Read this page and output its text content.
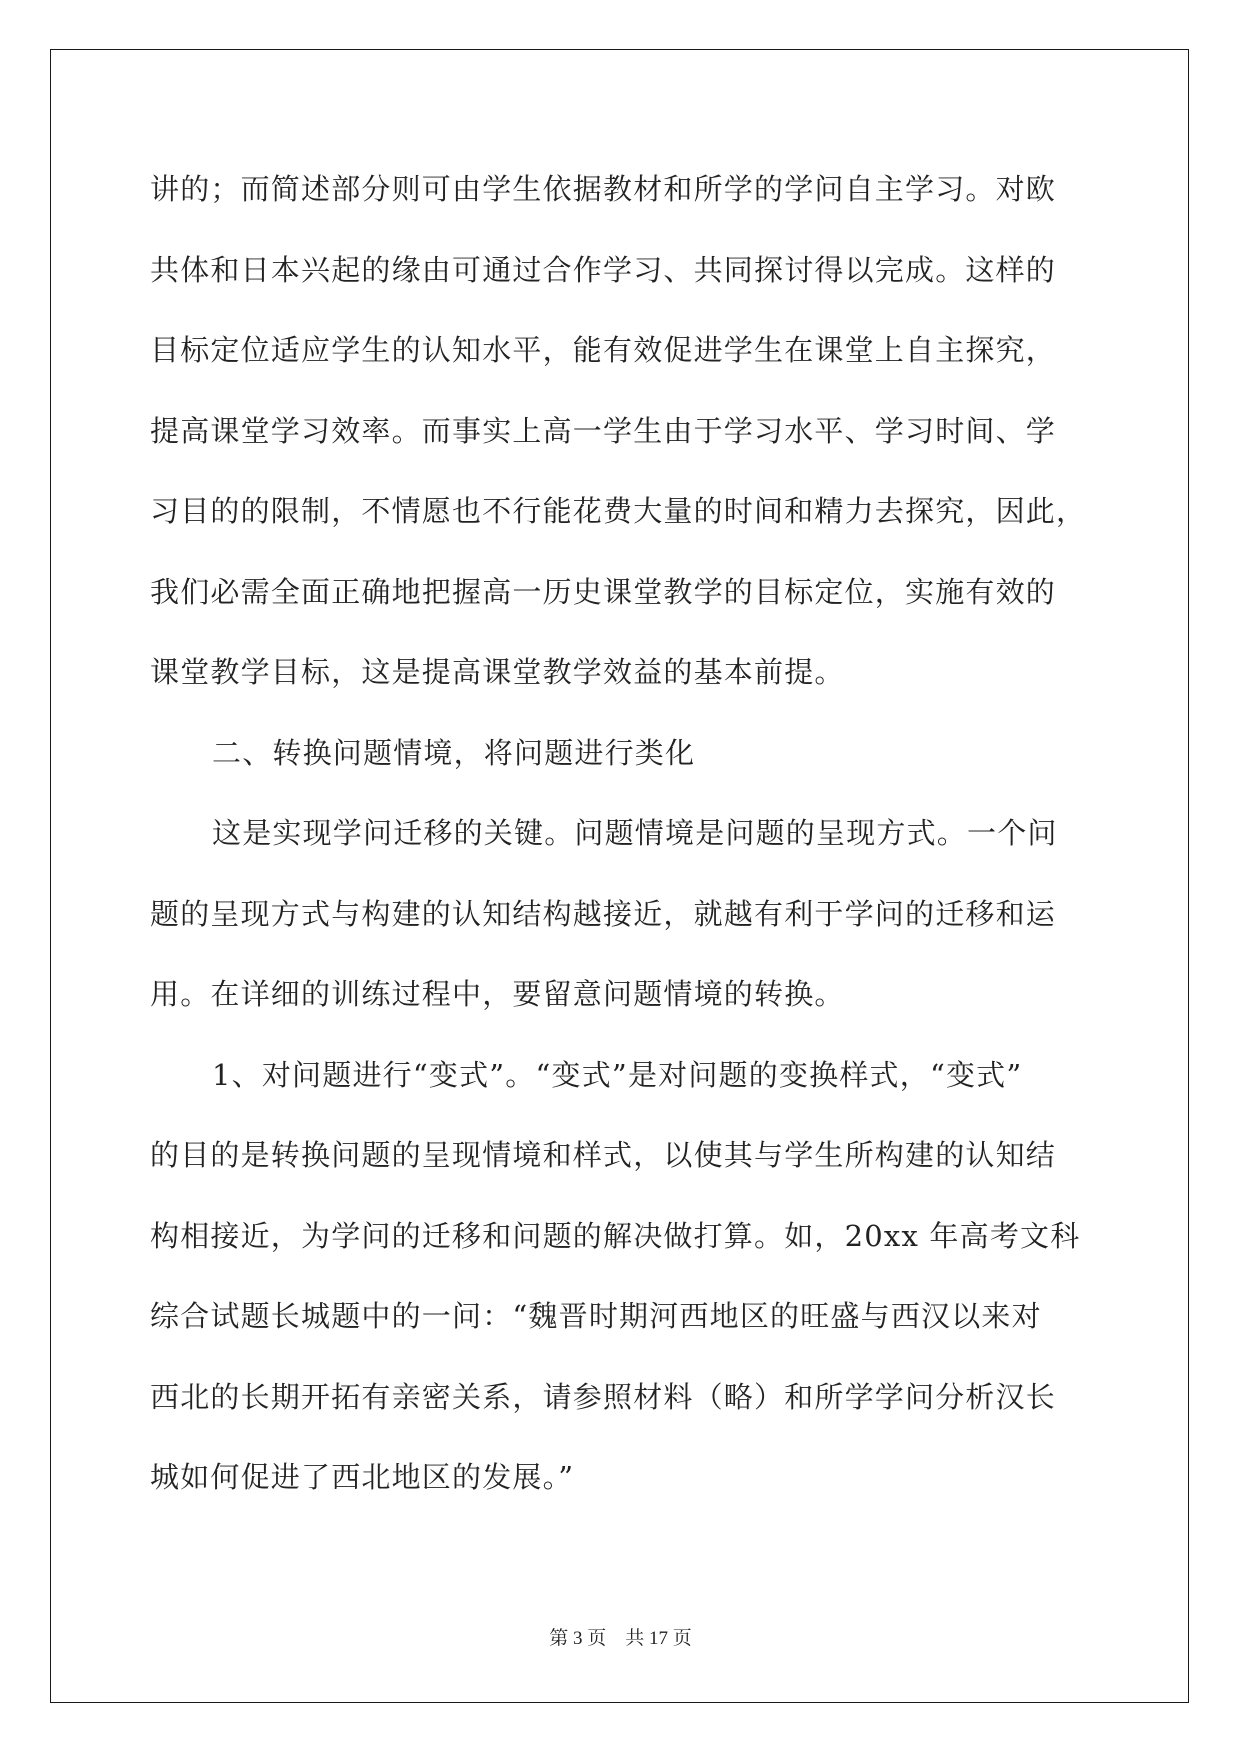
讲的；而简述部分则可由学生依据教材和所学的学问自主学习。对欧

共体和日本兴起的缘由可通过合作学习、共同探讨得以完成。这样的

目标定位适应学生的认知水平，能有效促进学生在课堂上自主探究，

提高课堂学习效率。而事实上高一学生由于学习水平、学习时间、学

习目的的限制，不情愿也不行能花费大量的时间和精力去探究，因此，

我们必需全面正确地把握高一历史课堂教学的目标定位，实施有效的

课堂教学目标，这是提高课堂教学效益的基本前提。

二、转换问题情境，将问题进行类化

这是实现学问迁移的关键。问题情境是问题的呈现方式。一个问

题的呈现方式与构建的认知结构越接近，就越有利于学问的迁移和运

用。在详细的训练过程中，要留意问题情境的转换。

1、对问题进行“变式”。“变式”是对问题的变换样式，“变式”

的目的是转换问题的呈现情境和样式，以使其与学生所构建的认知结

构相接近，为学问的迁移和问题的解决做打算。如，20xx 年高考文科

综合试题长城题中的一问：“魏晋时期河西地区的旺盛与西汉以来对

西北的长期开拓有亲密关系，请参照材料（略）和所学学问分析汉长

城如何促进了西北地区的发展。”

第 3 页　共 17 页
